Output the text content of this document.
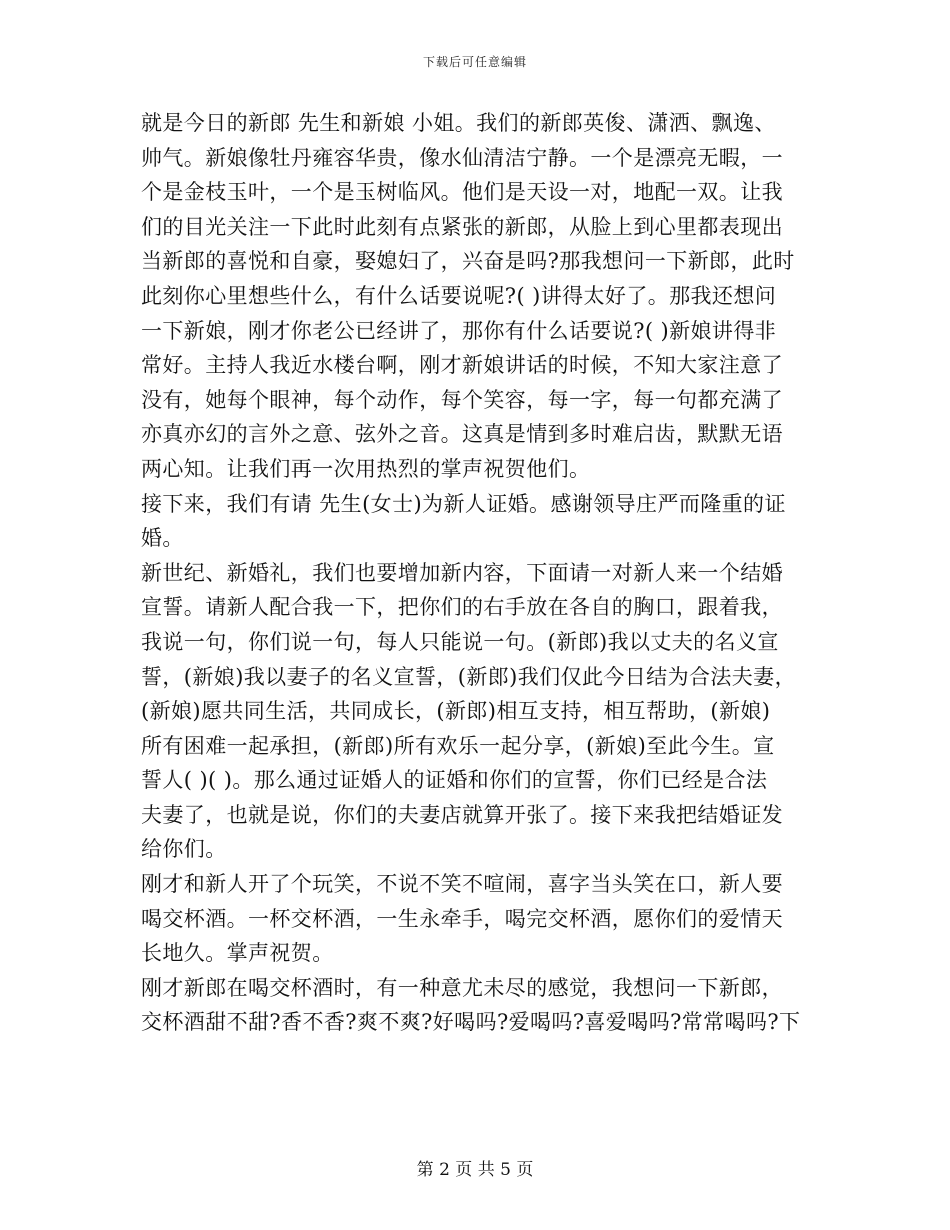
下载后可任意编辑
就是今日的新郎 先生和新娘 小姐。我们的新郎英俊、潇洒、飘逸、
帅气。新娘像牡丹雍容华贵，像水仙清洁宁静。一个是漂亮无暇，一
个是金枝玉叶，一个是玉树临风。他们是天设一对，地配一双。让我
们的目光关注一下此时此刻有点紧张的新郎，从脸上到心里都表现出
当新郎的喜悦和自豪，娶媳妇了，兴奋是吗?那我想问一下新郎，此时
此刻你心里想些什么，有什么话要说呢?( )讲得太好了。那我还想问
一下新娘，刚才你老公已经讲了，那你有什么话要说?( )新娘讲得非
常好。主持人我近水楼台啊，刚才新娘讲话的时候，不知大家注意了
没有，她每个眼神，每个动作，每个笑容，每一字，每一句都充满了
亦真亦幻的言外之意、弦外之音。这真是情到多时难启齿，默默无语
两心知。让我们再一次用热烈的掌声祝贺他们。
接下来，我们有请 先生(女士)为新人证婚。感谢领导庄严而隆重的证
婚。
新世纪、新婚礼，我们也要增加新内容，下面请一对新人来一个结婚
宣誓。请新人配合我一下，把你们的右手放在各自的胸口，跟着我，
我说一句，你们说一句，每人只能说一句。(新郎)我以丈夫的名义宣
誓，(新娘)我以妻子的名义宣誓，(新郎)我们仅此今日结为合法夫妻，
(新娘)愿共同生活，共同成长，(新郎)相互支持，相互帮助，(新娘)
所有困难一起承担，(新郎)所有欢乐一起分享，(新娘)至此今生。宣
誓人( )( )。那么通过证婚人的证婚和你们的宣誓，你们已经是合法
夫妻了，也就是说，你们的夫妻店就算开张了。接下来我把结婚证发
给你们。
刚才和新人开了个玩笑，不说不笑不喧闹，喜字当头笑在口，新人要
喝交杯酒。一杯交杯酒，一生永牵手，喝完交杯酒，愿你们的爱情天
长地久。掌声祝贺。
刚才新郎在喝交杯酒时，有一种意尤未尽的感觉，我想问一下新郎，
交杯酒甜不甜?香不香?爽不爽?好喝吗?爱喝吗?喜爱喝吗?常常喝吗?下
第 2 页 共 5 页
